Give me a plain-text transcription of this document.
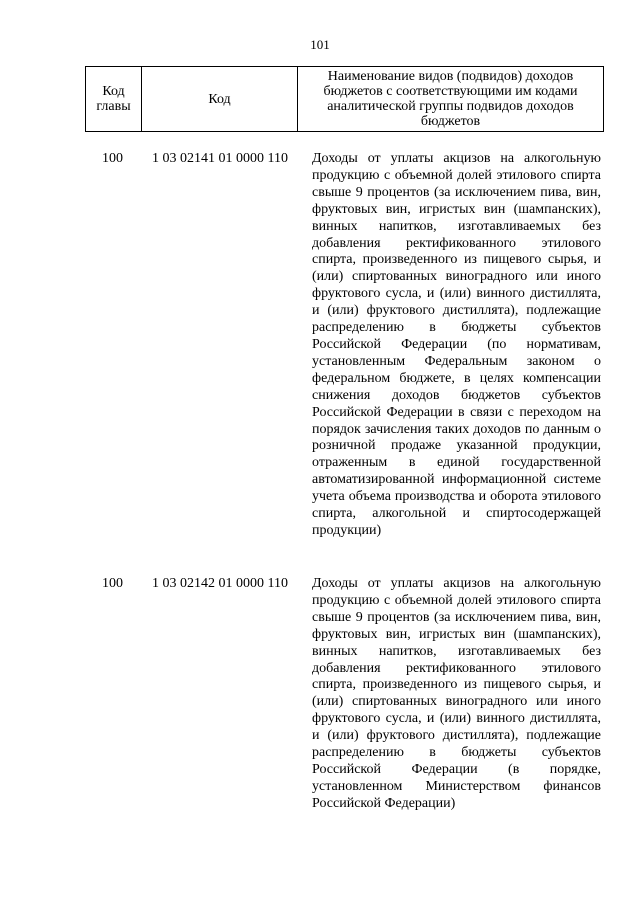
101
Код главы	Код	Наименование видов (подвидов) доходов бюджетов с соответствующими им кодами аналитической группы подвидов доходов бюджетов
100	1 03 02141 01 0000 110	Доходы от уплаты акцизов на алкогольную продукцию с объемной долей этилового спирта свыше 9 процентов (за исключением пива, вин, фруктовых вин, игристых вин (шампанских), винных напитков, изготавливаемых без добавления ректификованного этилового спирта, произведенного из пищевого сырья, и (или) спиртованных виноградного или иного фруктового сусла, и (или) винного дистиллята, и (или) фруктового дистиллята), подлежащие распределению в бюджеты субъектов Российской Федерации (по нормативам, установленным Федеральным законом о федеральном бюджете, в целях компенсации снижения доходов бюджетов субъектов Российской Федерации в связи с переходом на порядок зачисления таких доходов по данным о розничной продаже указанной продукции, отраженным в единой государственной автоматизированной информационной системе учета объема производства и оборота этилового спирта, алкогольной и спиртосодержащей продукции)
100	1 03 02142 01 0000 110	Доходы от уплаты акцизов на алкогольную продукцию с объемной долей этилового спирта свыше 9 процентов (за исключением пива, вин, фруктовых вин, игристых вин (шампанских), винных напитков, изготавливаемых без добавления ректификованного этилового спирта, произведенного из пищевого сырья, и (или) спиртованных виноградного или иного фруктового сусла, и (или) винного дистиллята, и (или) фруктового дистиллята), подлежащие распределению в бюджеты субъектов Российской Федерации (в порядке, установленном Министерством финансов Российской Федерации)
